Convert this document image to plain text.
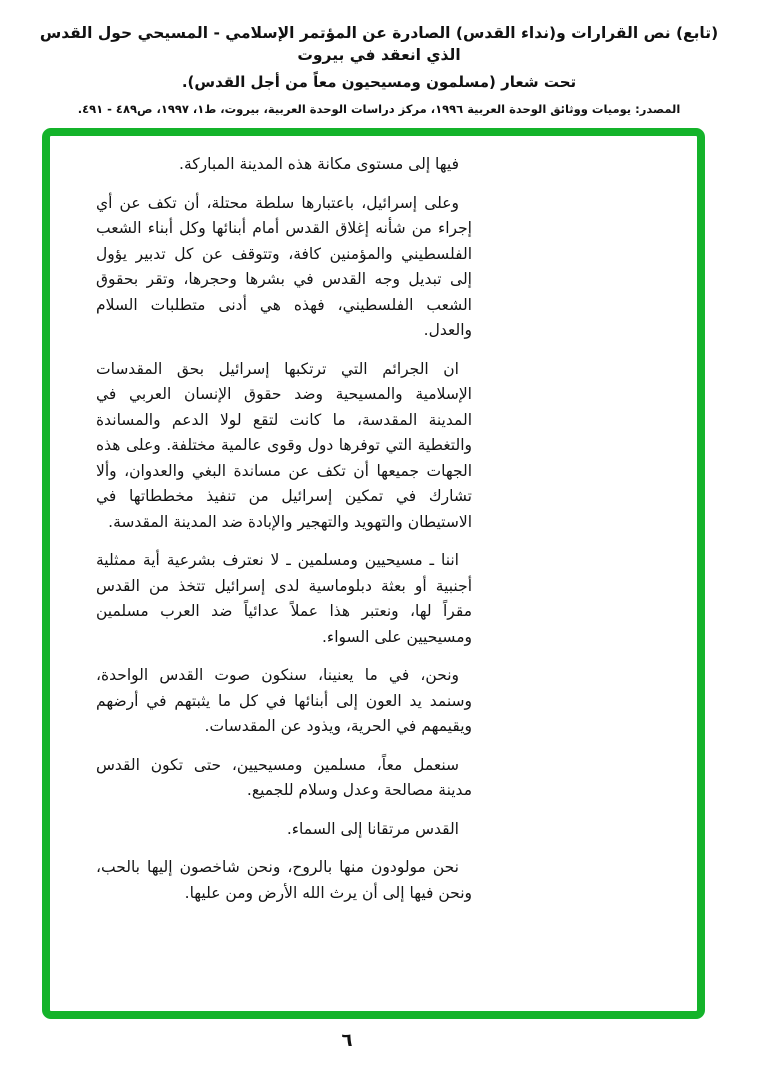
(تابع) نص القرارات و(نداء القدس) الصادرة عن المؤتمر الإسلامي - المسيحي حول القدس الذي انعقد في بيروت
تحت شعار (مسلمون ومسيحيون معاً من أجل القدس).
المصدر: يوميات ووثائق الوحدة العربية ١٩٩٦، مركز دراسات الوحدة العربية، بيروت، ط١، ١٩٩٧، ص٤٨٩ - ٤٩١.

فيها إلى مستوى مكانة هذه المدينة المباركة.

وعلى إسرائيل، باعتبارها سلطة محتلة، أن تكف عن أي إجراء من شأنه إغلاق القدس أمام أبنائها وكل أبناء الشعب الفلسطيني والمؤمنين كافة، وتتوقف عن كل تدبير يؤول إلى تبديل وجه القدس في بشرها وحجرها، وتقر بحقوق الشعب الفلسطيني، فهذه هي أدنى متطلبات السلام والعدل.

ان الجرائم التي ترتكبها إسرائيل بحق المقدسات الإسلامية والمسيحية وضد حقوق الإنسان العربي في المدينة المقدسة، ما كانت لتقع لولا الدعم والمساندة والتغطية التي توفرها دول وقوى عالمية مختلفة. وعلى هذه الجهات جميعها أن تكف عن مساندة البغي والعدوان، وألا تشارك في تمكين إسرائيل من تنفيذ مخططاتها في الاستيطان والتهويد والتهجير والإبادة ضد المدينة المقدسة.

اننا ـ مسيحيين ومسلمين ـ لا نعترف بشرعية أية ممثلية أجنبية أو بعثة دبلوماسية لدى إسرائيل تتخذ من القدس مقراً لها، ونعتبر هذا عملاً عدائياً ضد العرب مسلمين ومسيحيين على السواء.

ونحن، في ما يعنينا، سنكون صوت القدس الواحدة، وسنمد يد العون إلى أبنائها في كل ما يثبتهم في أرضهم ويقيمهم في الحرية، ويذود عن المقدسات.

سنعمل معاً، مسلمين ومسيحيين، حتى تكون القدس مدينة مصالحة وعدل وسلام للجميع.

القدس مرتقانا إلى السماء.

نحن مولودون منها بالروح، ونحن شاخصون إليها بالحب، ونحن فيها إلى أن يرث الله الأرض ومن عليها.

٦
